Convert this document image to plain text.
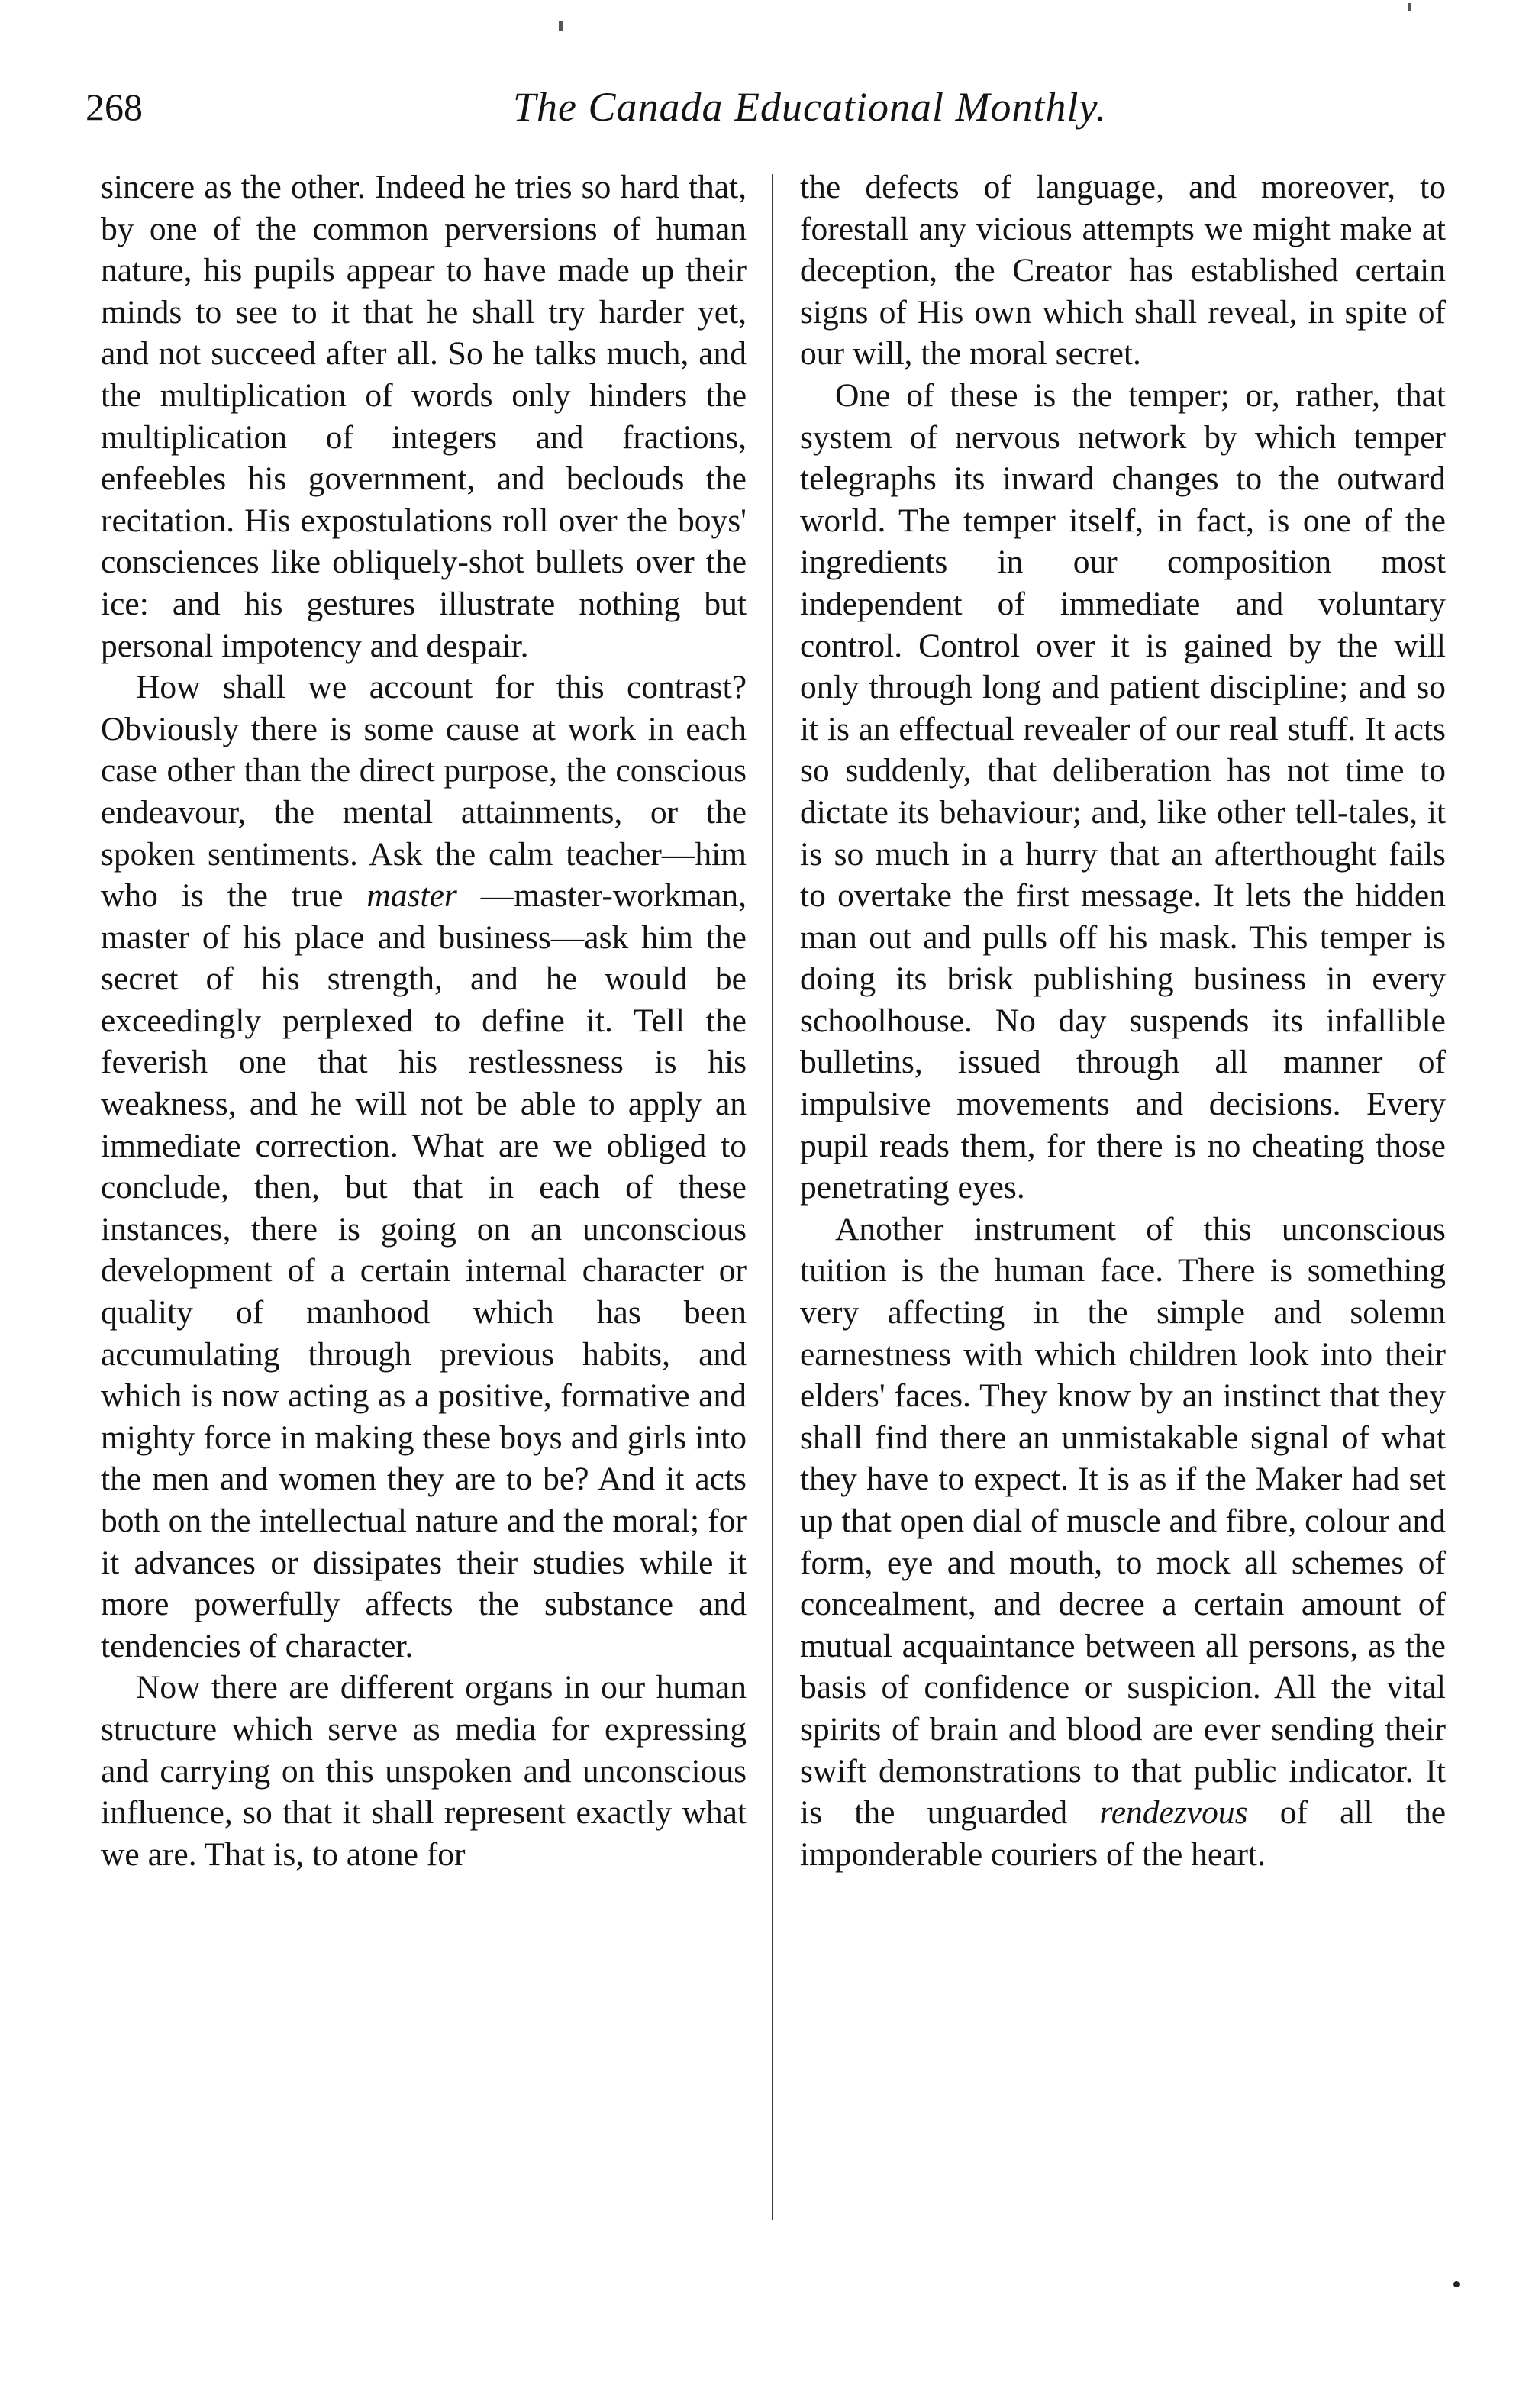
268	The Canada Educational Monthly.

sincere as the other. Indeed he tries so hard that, by one of the common perversions of human nature, his pupils appear to have made up their minds to see to it that he shall try harder yet, and not succeed after all. So he talks much, and the multiplication of words only hinders the multiplication of integers and fractions, enfeebles his government, and beclouds the recitation. His expostulations roll over the boys' consciences like obliquely-shot bullets over the ice: and his gestures illustrate nothing but personal impotency and despair.

How shall we account for this contrast? Obviously there is some cause at work in each case other than the direct purpose, the conscious endeavour, the mental attainments, or the spoken sentiments. Ask the calm teacher—him who is the true master —master-workman, master of his place and business—ask him the secret of his strength, and he would be exceedingly perplexed to define it. Tell the feverish one that his restlessness is his weakness, and he will not be able to apply an immediate correction. What are we obliged to conclude, then, but that in each of these instances, there is going on an unconscious development of a certain internal character or quality of manhood which has been accumulating through previous habits, and which is now acting as a positive, formative and mighty force in making these boys and girls into the men and women they are to be? And it acts both on the intellectual nature and the moral; for it advances or dissipates their studies while it more powerfully affects the substance and tendencies of character.

Now there are different organs in our human structure which serve as media for expressing and carrying on this unspoken and unconscious influence, so that it shall represent exactly what we are. That is, to atone for

the defects of language, and moreover, to forestall any vicious attempts we might make at deception, the Creator has established certain signs of His own which shall reveal, in spite of our will, the moral secret.

One of these is the temper; or, rather, that system of nervous network by which temper telegraphs its inward changes to the outward world. The temper itself, in fact, is one of the ingredients in our composition most independent of immediate and voluntary control. Control over it is gained by the will only through long and patient discipline; and so it is an effectual revealer of our real stuff. It acts so suddenly, that deliberation has not time to dictate its behaviour; and, like other tell-tales, it is so much in a hurry that an afterthought fails to overtake the first message. It lets the hidden man out and pulls off his mask. This temper is doing its brisk publishing business in every schoolhouse. No day suspends its infallible bulletins, issued through all manner of impulsive movements and decisions. Every pupil reads them, for there is no cheating those penetrating eyes.

Another instrument of this unconscious tuition is the human face. There is something very affecting in the simple and solemn earnestness with which children look into their elders' faces. They know by an instinct that they shall find there an unmistakable signal of what they have to expect. It is as if the Maker had set up that open dial of muscle and fibre, colour and form, eye and mouth, to mock all schemes of concealment, and decree a certain amount of mutual acquaintance between all persons, as the basis of confidence or suspicion. All the vital spirits of brain and blood are ever sending their swift demonstrations to that public indicator. It is the unguarded rendezvous of all the imponderable couriers of the heart.
